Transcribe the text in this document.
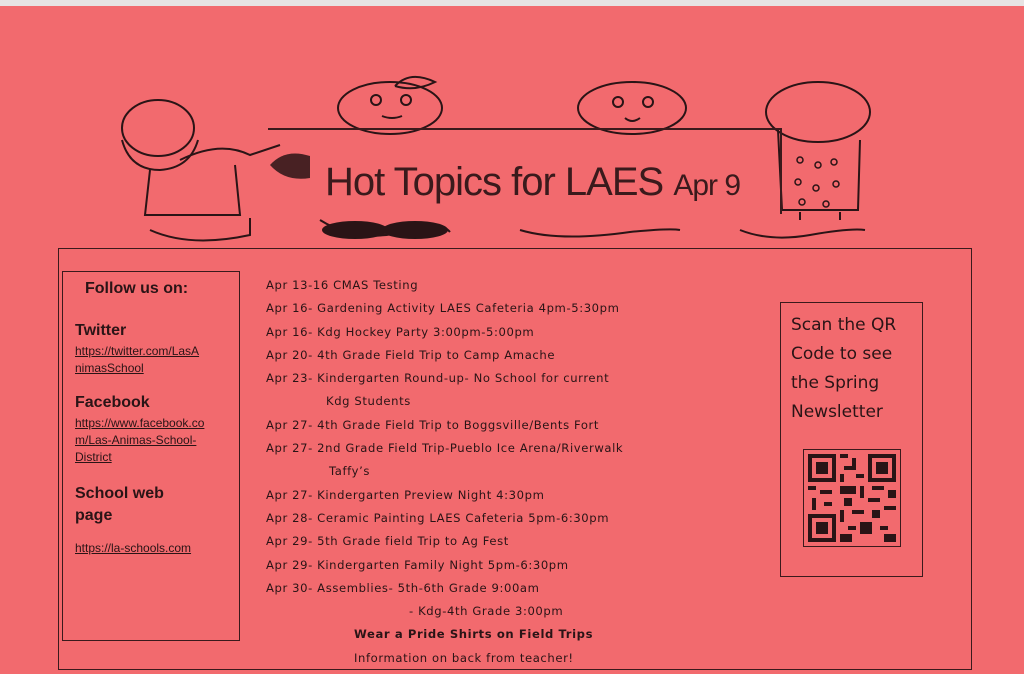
Hot Topics for LAES Apr 9
Follow us on:
Twitter
https://twitter.com/LasAnimasSchool
Facebook
https://www.facebook.com/Las-Animas-School-District
School web page
https://la-schools.com
Apr 13-16 CMAS Testing
Apr 16- Gardening Activity LAES Cafeteria 4pm-5:30pm
Apr 16- Kdg Hockey Party 3:00pm-5:00pm
Apr 20- 4th Grade Field Trip to Camp Amache
Apr 23- Kindergarten Round-up- No School for current
Kdg Students
Apr 27- 4th Grade Field Trip to Boggsville/Bents Fort
Apr 27- 2nd Grade Field Trip-Pueblo Ice Arena/Riverwalk
Taffy’s
Apr 27- Kindergarten Preview Night 4:30pm
Apr 28- Ceramic Painting LAES Cafeteria 5pm-6:30pm
Apr 29- 5th Grade field Trip to Ag Fest
Apr 29- Kindergarten Family Night 5pm-6:30pm
Apr 30- Assemblies- 5th-6th Grade 9:00am
- Kdg-4th Grade 3:00pm
Wear a Pride Shirts on Field Trips
Information on back from teacher!
Scan the QR Code to see the Spring Newsletter
